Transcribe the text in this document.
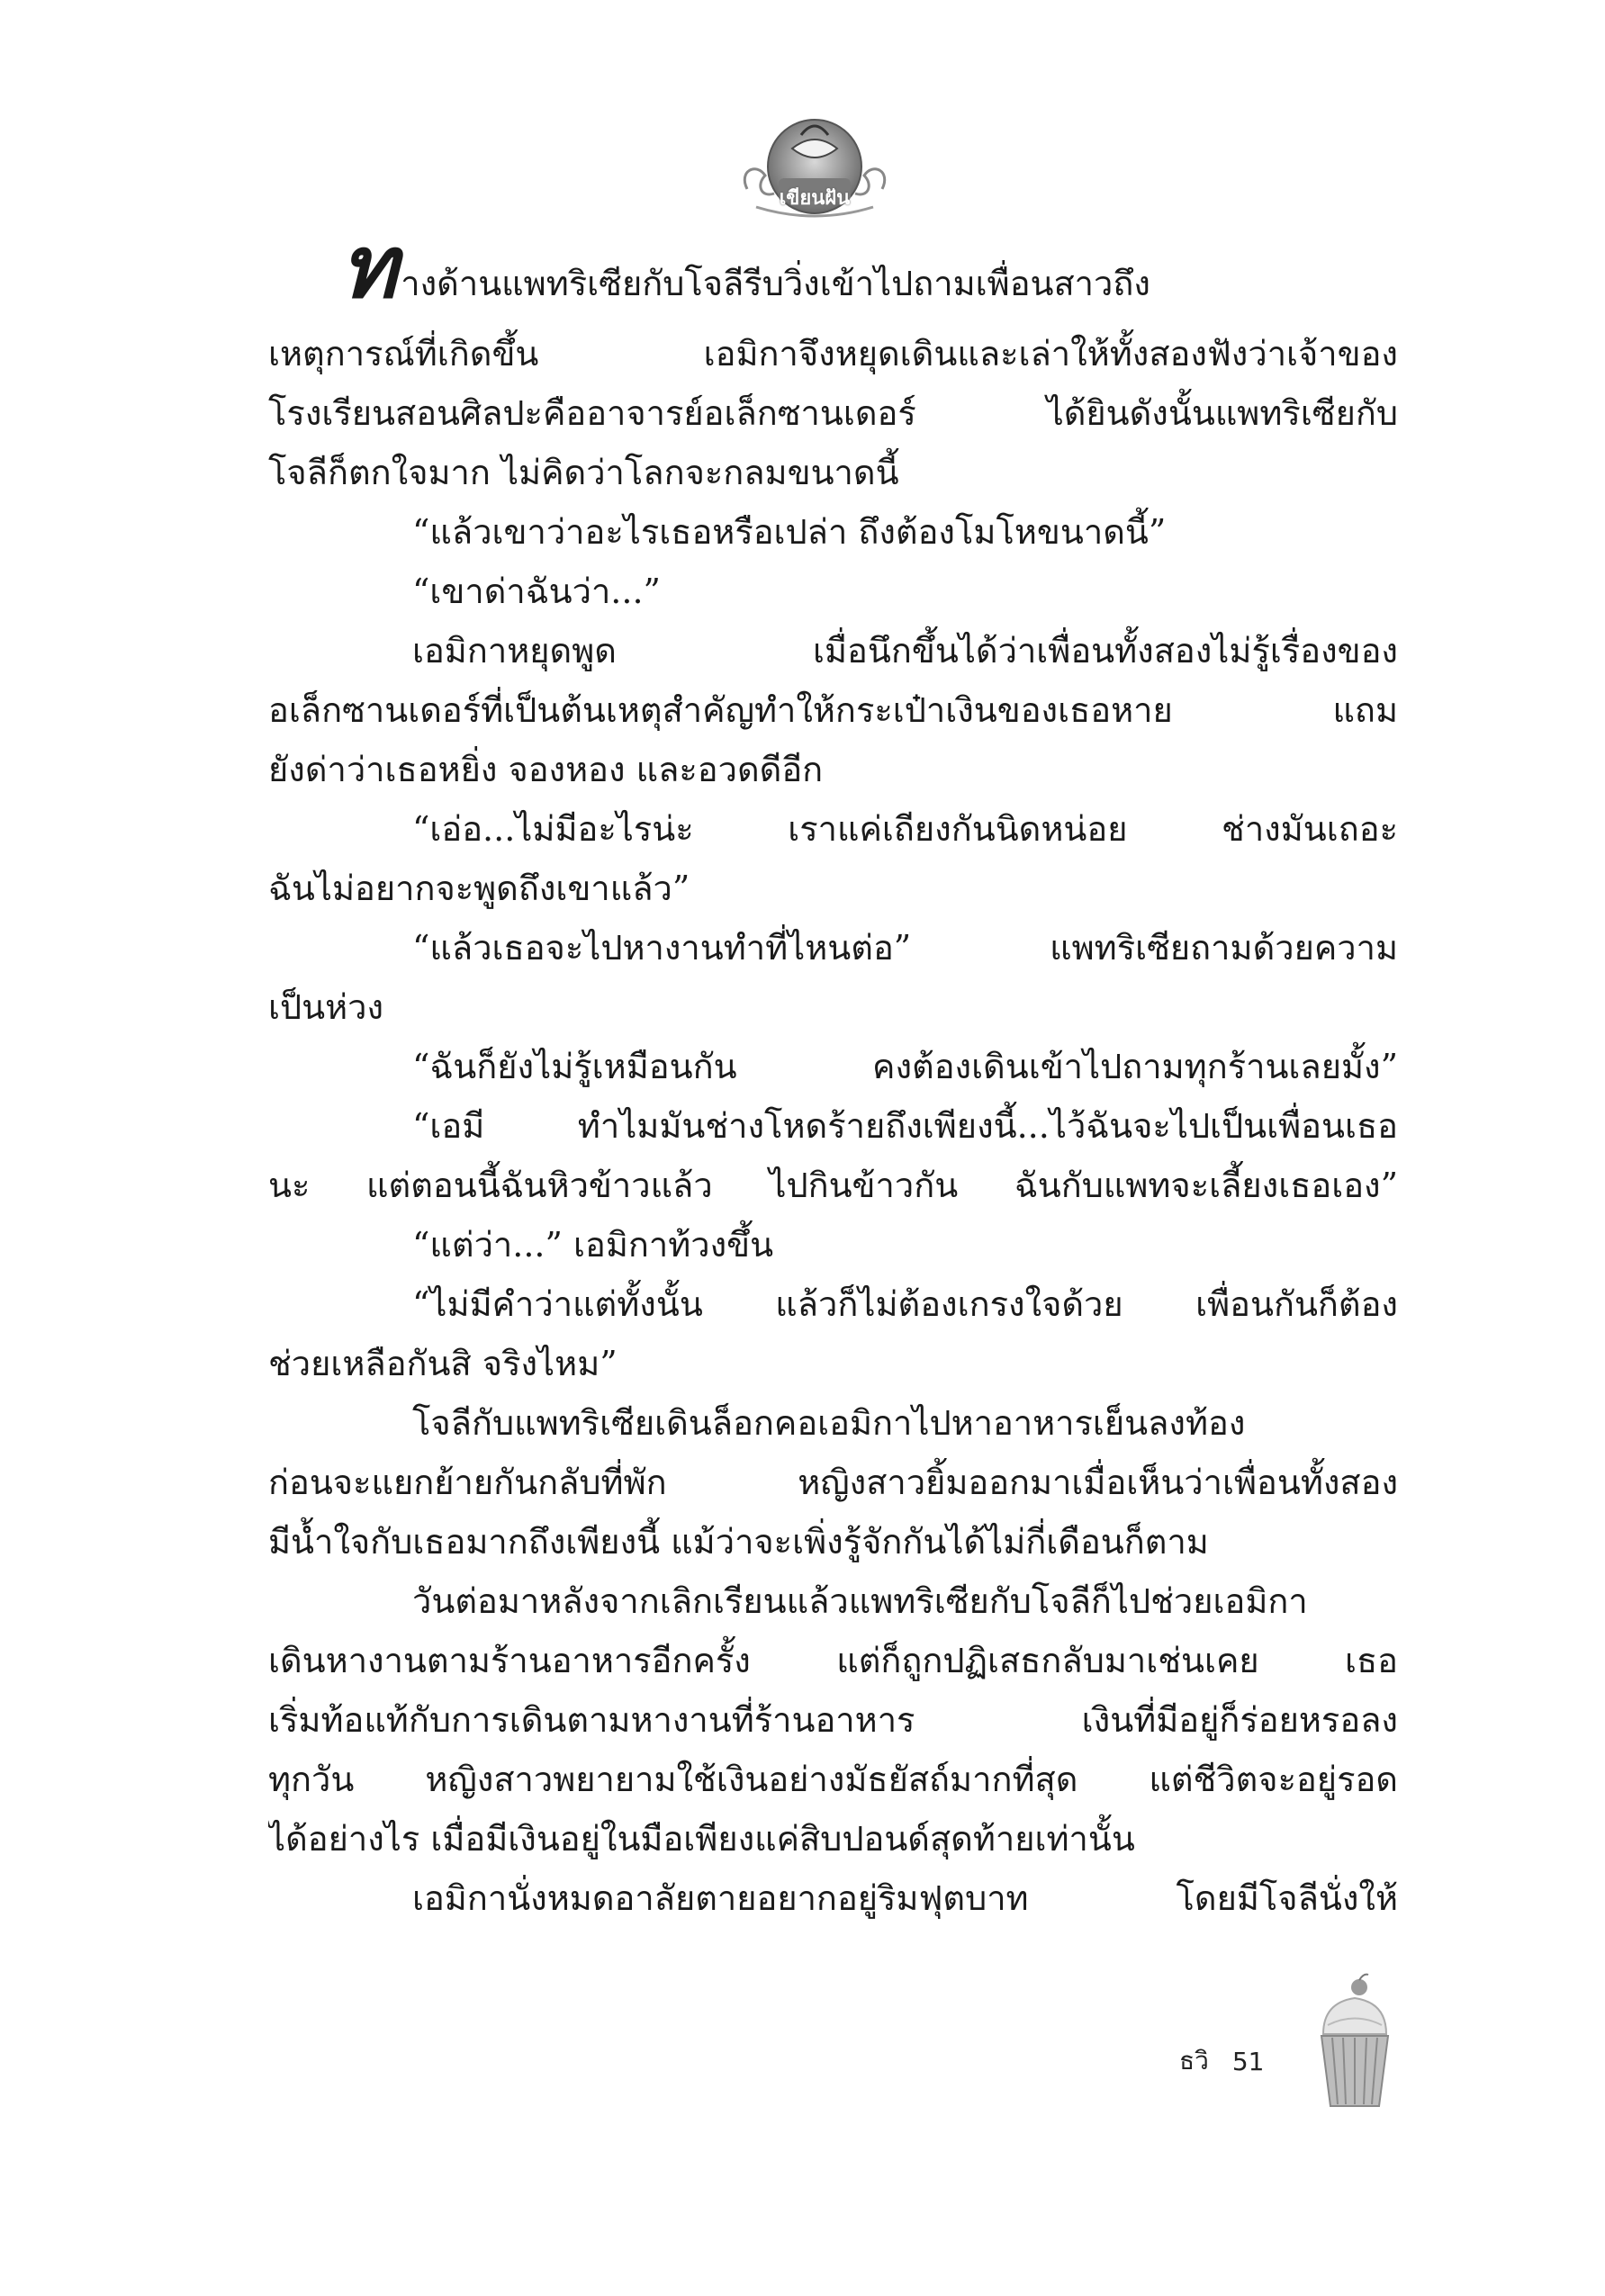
เขียนฝัน
ทางด้านแพทริเซียกับโจลีรีบวิ่งเข้าไปถามเพื่อนสาวถึง
เหตุการณ์ที่เกิดขึ้น เอมิกาจึงหยุดเดินและเล่าให้ทั้งสองฟังว่าเจ้าของ
โรงเรียนสอนศิลปะคืออาจารย์อเล็กซานเดอร์ ได้ยินดังนั้นแพทริเซียกับ
โจลีก็ตกใจมาก ไม่คิดว่าโลกจะกลมขนาดนี้
“แล้วเขาว่าอะไรเธอหรือเปล่า ถึงต้องโมโหขนาดนี้”
“เขาด่าฉันว่า...”
เอมิกาหยุดพูด เมื่อนึกขึ้นได้ว่าเพื่อนทั้งสองไม่รู้เรื่องของ
อเล็กซานเดอร์ที่เป็นต้นเหตุสำคัญทำให้กระเป๋าเงินของเธอหาย แถม
ยังด่าว่าเธอหยิ่ง จองหอง และอวดดีอีก
“เอ่อ...ไม่มีอะไรน่ะ เราแค่เถียงกันนิดหน่อย ช่างมันเถอะ
ฉันไม่อยากจะพูดถึงเขาแล้ว”
“แล้วเธอจะไปหางานทำที่ไหนต่อ” แพทริเซียถามด้วยความ
เป็นห่วง
“ฉันก็ยังไม่รู้เหมือนกัน คงต้องเดินเข้าไปถามทุกร้านเลยมั้ง”
“เอมี ทำไมมันช่างโหดร้ายถึงเพียงนี้...ไว้ฉันจะไปเป็นเพื่อนเธอ
นะ แต่ตอนนี้ฉันหิวข้าวแล้ว ไปกินข้าวกัน ฉันกับแพทจะเลี้ยงเธอเอง”
“แต่ว่า...” เอมิกาท้วงขึ้น
“ไม่มีคำว่าแต่ทั้งนั้น แล้วก็ไม่ต้องเกรงใจด้วย เพื่อนกันก็ต้อง
ช่วยเหลือกันสิ จริงไหม”
โจลีกับแพทริเซียเดินล็อกคอเอมิกาไปหาอาหารเย็นลงท้อง
ก่อนจะแยกย้ายกันกลับที่พัก หญิงสาวยิ้มออกมาเมื่อเห็นว่าเพื่อนทั้งสอง
มีน้ำใจกับเธอมากถึงเพียงนี้ แม้ว่าจะเพิ่งรู้จักกันได้ไม่กี่เดือนก็ตาม
วันต่อมาหลังจากเลิกเรียนแล้วแพทริเซียกับโจลีก็ไปช่วยเอมิกา
เดินหางานตามร้านอาหารอีกครั้ง แต่ก็ถูกปฏิเสธกลับมาเช่นเคย เธอ
เริ่มท้อแท้กับการเดินตามหางานที่ร้านอาหาร เงินที่มีอยู่ก็ร่อยหรอลง
ทุกวัน หญิงสาวพยายามใช้เงินอย่างมัธยัสถ์มากที่สุด แต่ชีวิตจะอยู่รอด
ได้อย่างไร เมื่อมีเงินอยู่ในมือเพียงแค่สิบปอนด์สุดท้ายเท่านั้น
เอมิกานั่งหมดอาลัยตายอยากอยู่ริมฟุตบาท โดยมีโจลีนั่งให้
ธวิ 51
